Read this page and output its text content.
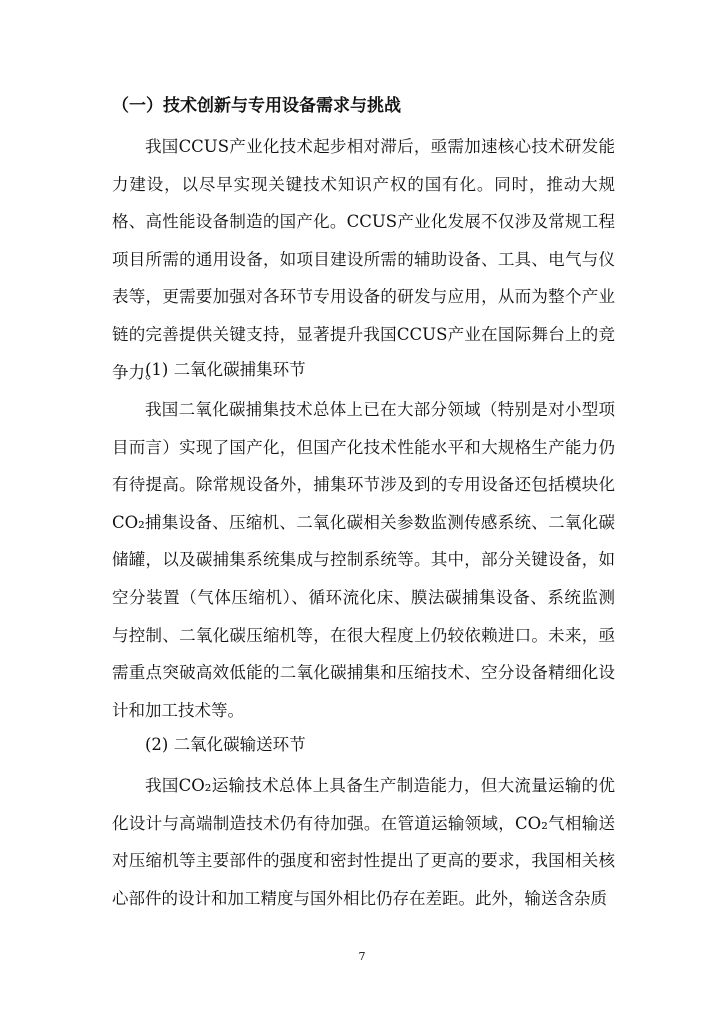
（一）技术创新与专用设备需求与挑战

我国CCUS产业化技术起步相对滞后，亟需加速核心技术研发能力建设，以尽早实现关键技术知识产权的国有化。同时，推动大规格、高性能设备制造的国产化。CCUS产业化发展不仅涉及常规工程项目所需的通用设备，如项目建设所需的辅助设备、工具、电气与仪表等，更需要加强对各环节专用设备的研发与应用，从而为整个产业链的完善提供关键支持，显著提升我国CCUS产业在国际舞台上的竞争力。

(1) 二氧化碳捕集环节

我国二氧化碳捕集技术总体上已在大部分领域（特别是对小型项目而言）实现了国产化，但国产化技术性能水平和大规格生产能力仍有待提高。除常规设备外，捕集环节涉及到的专用设备还包括模块化CO₂捕集设备、压缩机、二氧化碳相关参数监测传感系统、二氧化碳储罐，以及碳捕集系统集成与控制系统等。其中，部分关键设备，如空分装置（气体压缩机）、循环流化床、膜法碳捕集设备、系统监测与控制、二氧化碳压缩机等，在很大程度上仍较依赖进口。未来，亟需重点突破高效低能的二氧化碳捕集和压缩技术、空分设备精细化设计和加工技术等。

(2) 二氧化碳输送环节

我国CO₂运输技术总体上具备生产制造能力，但大流量运输的优化设计与高端制造技术仍有待加强。在管道运输领域，CO₂气相输送对压缩机等主要部件的强度和密封性提出了更高的要求，我国相关核心部件的设计和加工精度与国外相比仍存在差距。此外，输送含杂质

7
